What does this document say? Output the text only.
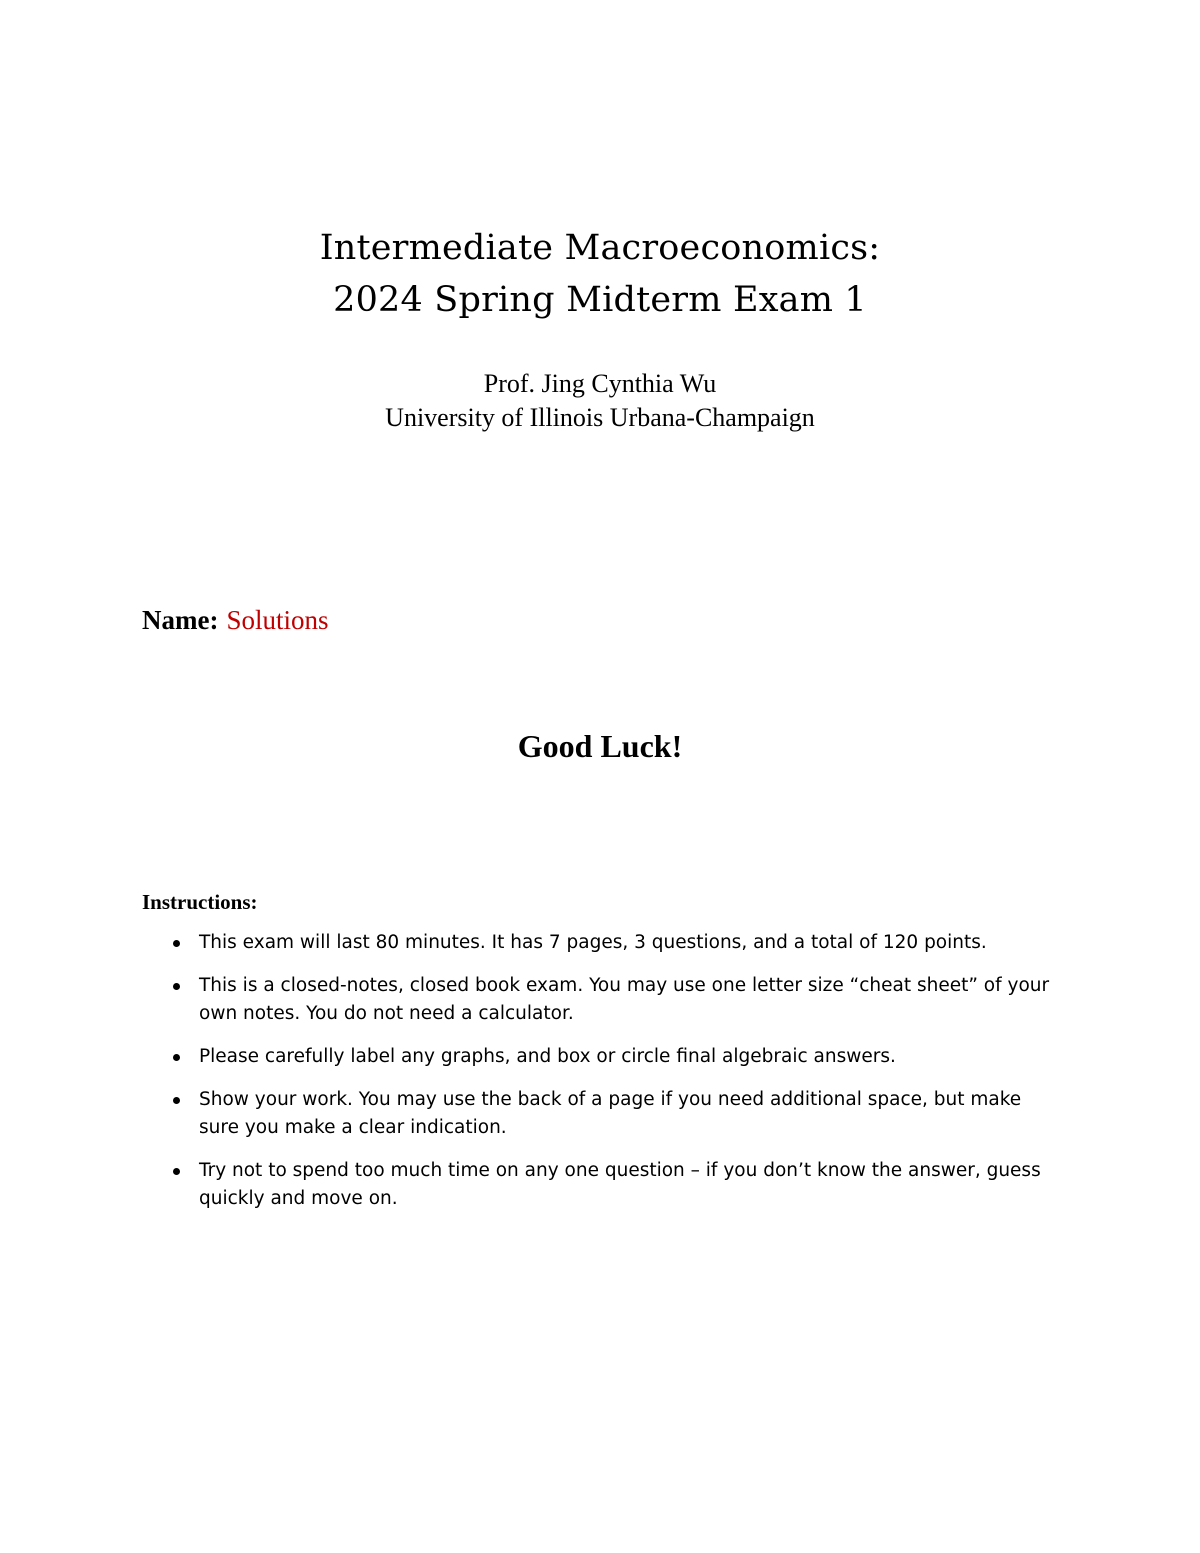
Intermediate Macroeconomics:
2024 Spring Midterm Exam 1
Prof. Jing Cynthia Wu
University of Illinois Urbana-Champaign
Name: Solutions
Good Luck!
Instructions:
This exam will last 80 minutes. It has 7 pages, 3 questions, and a total of 120 points.
This is a closed-notes, closed book exam. You may use one letter size “cheat sheet” of your own notes. You do not need a calculator.
Please carefully label any graphs, and box or circle final algebraic answers.
Show your work. You may use the back of a page if you need additional space, but make sure you make a clear indication.
Try not to spend too much time on any one question – if you don’t know the answer, guess quickly and move on.
